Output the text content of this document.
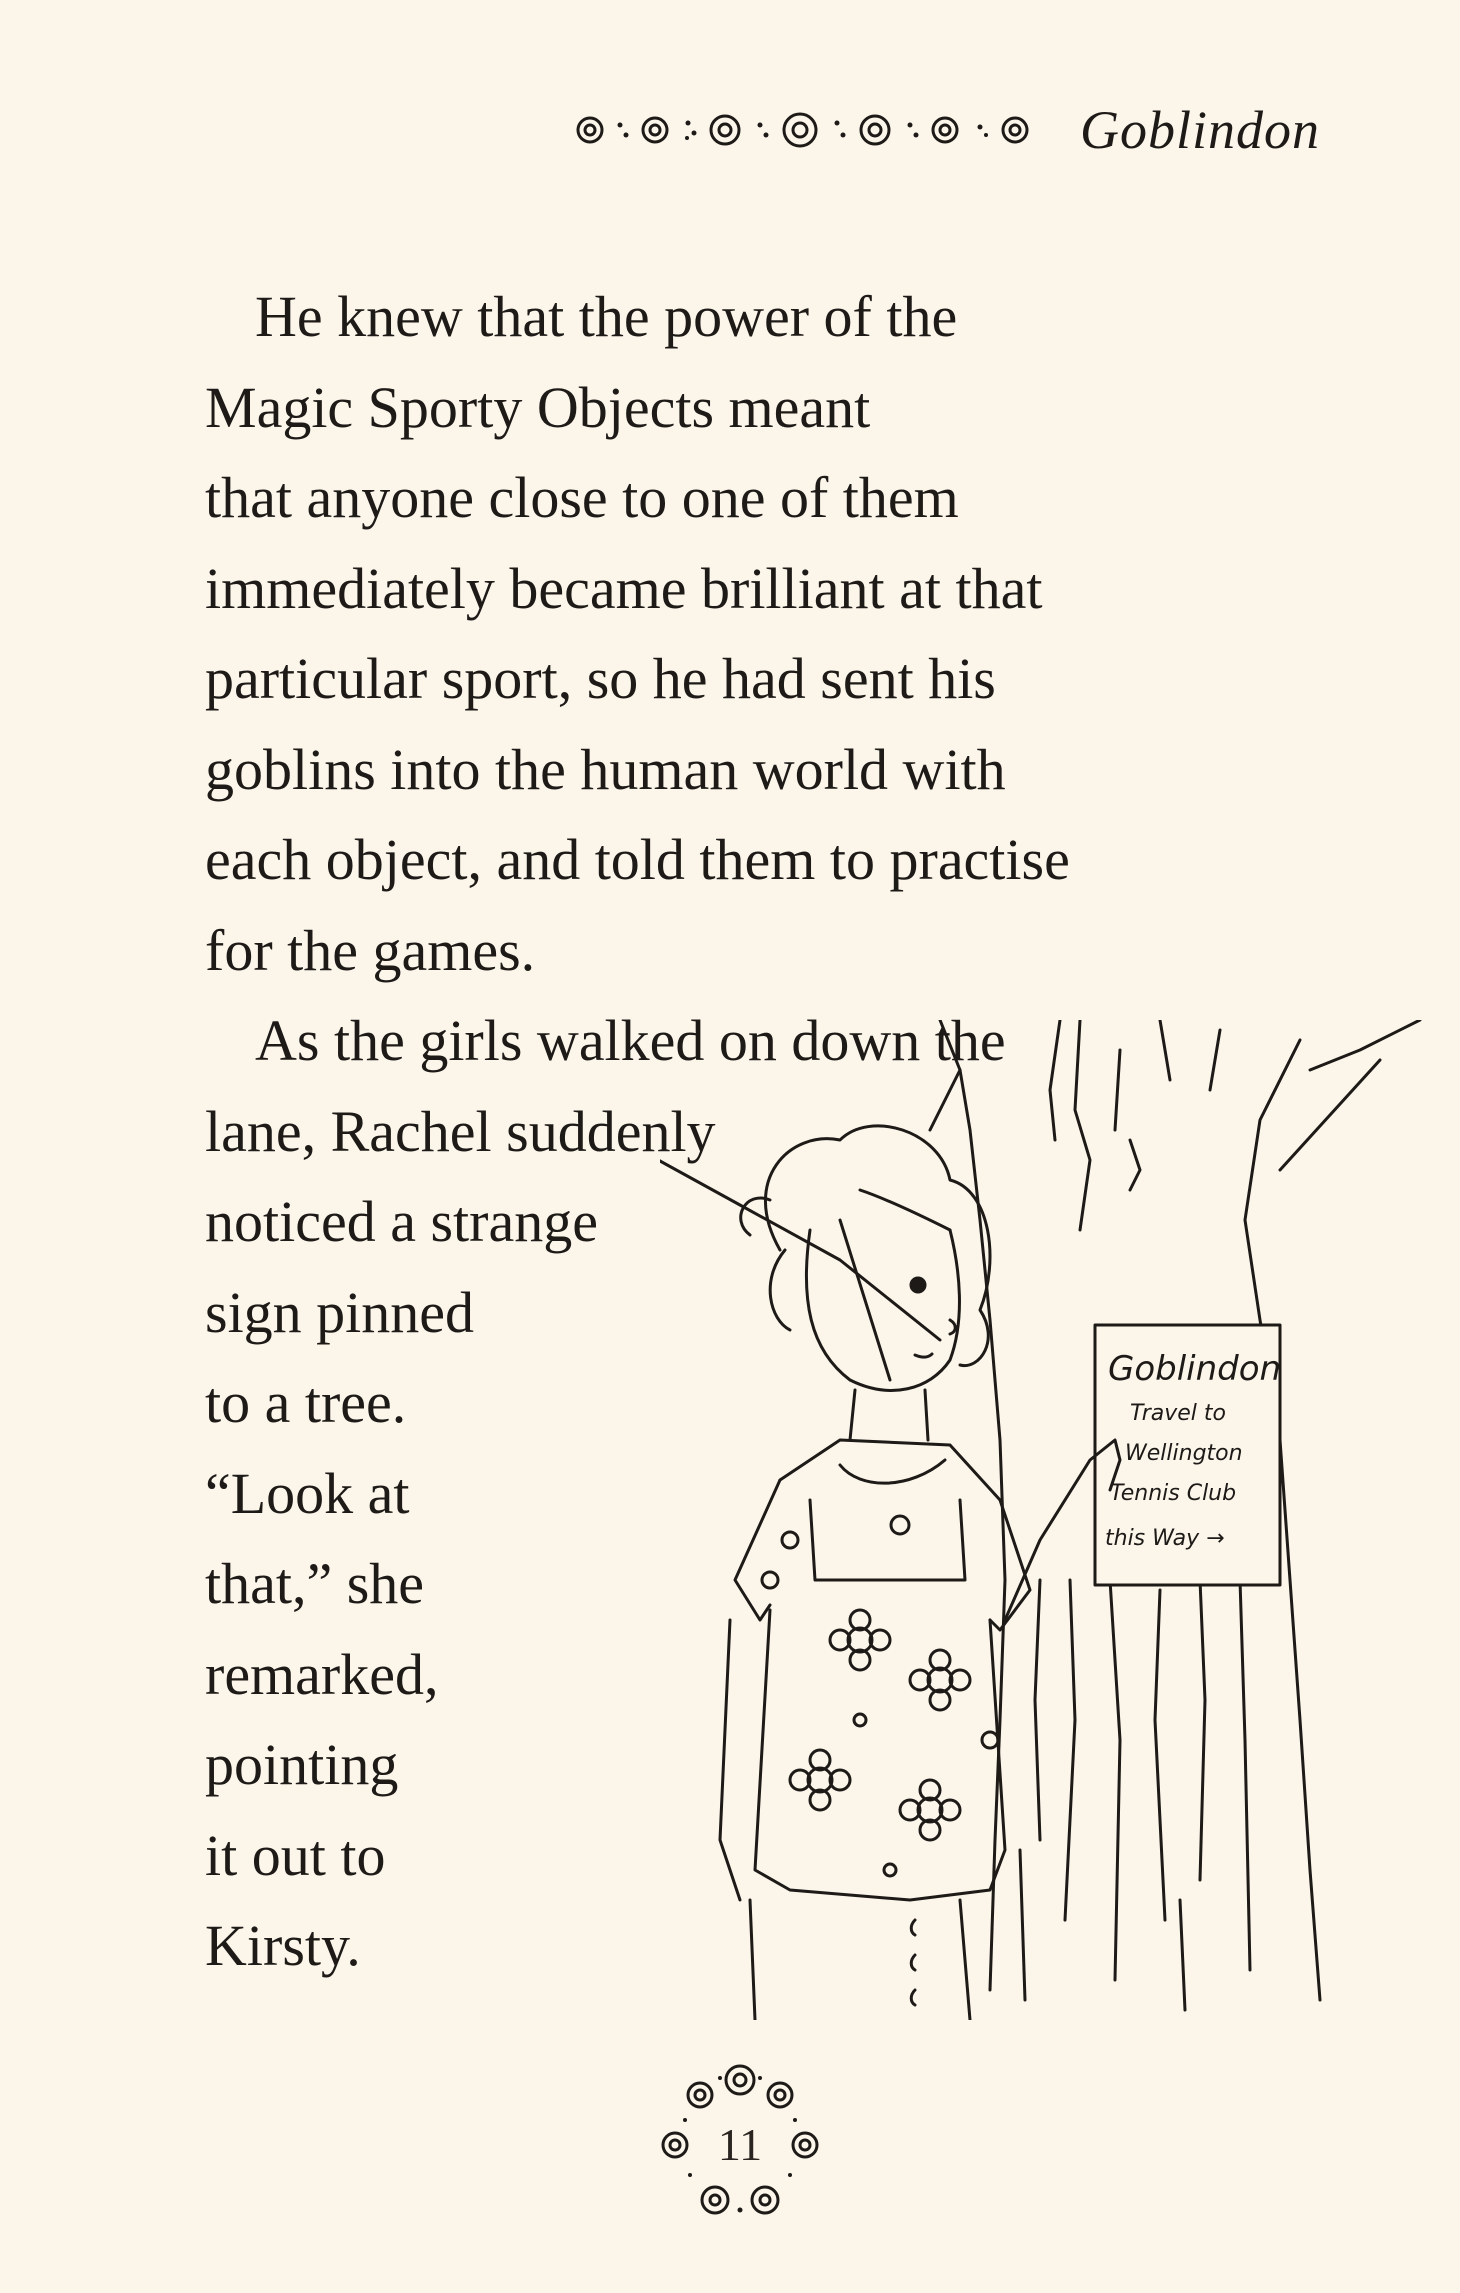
Goblindon

He knew that the power of the
Magic Sporty Objects meant
that anyone close to one of them
immediately became brilliant at that
particular sport, so he had sent his
goblins into the human world with
each object, and told them to practise
for the games.

As the girls walked on down the
lane, Rachel suddenly
noticed a strange
sign pinned
to a tree.
“Look at
that,” she
remarked,
pointing
it out to
Kirsty.

Goblindon
Travel to
Wellington
Tennis Club
this Way →
11
